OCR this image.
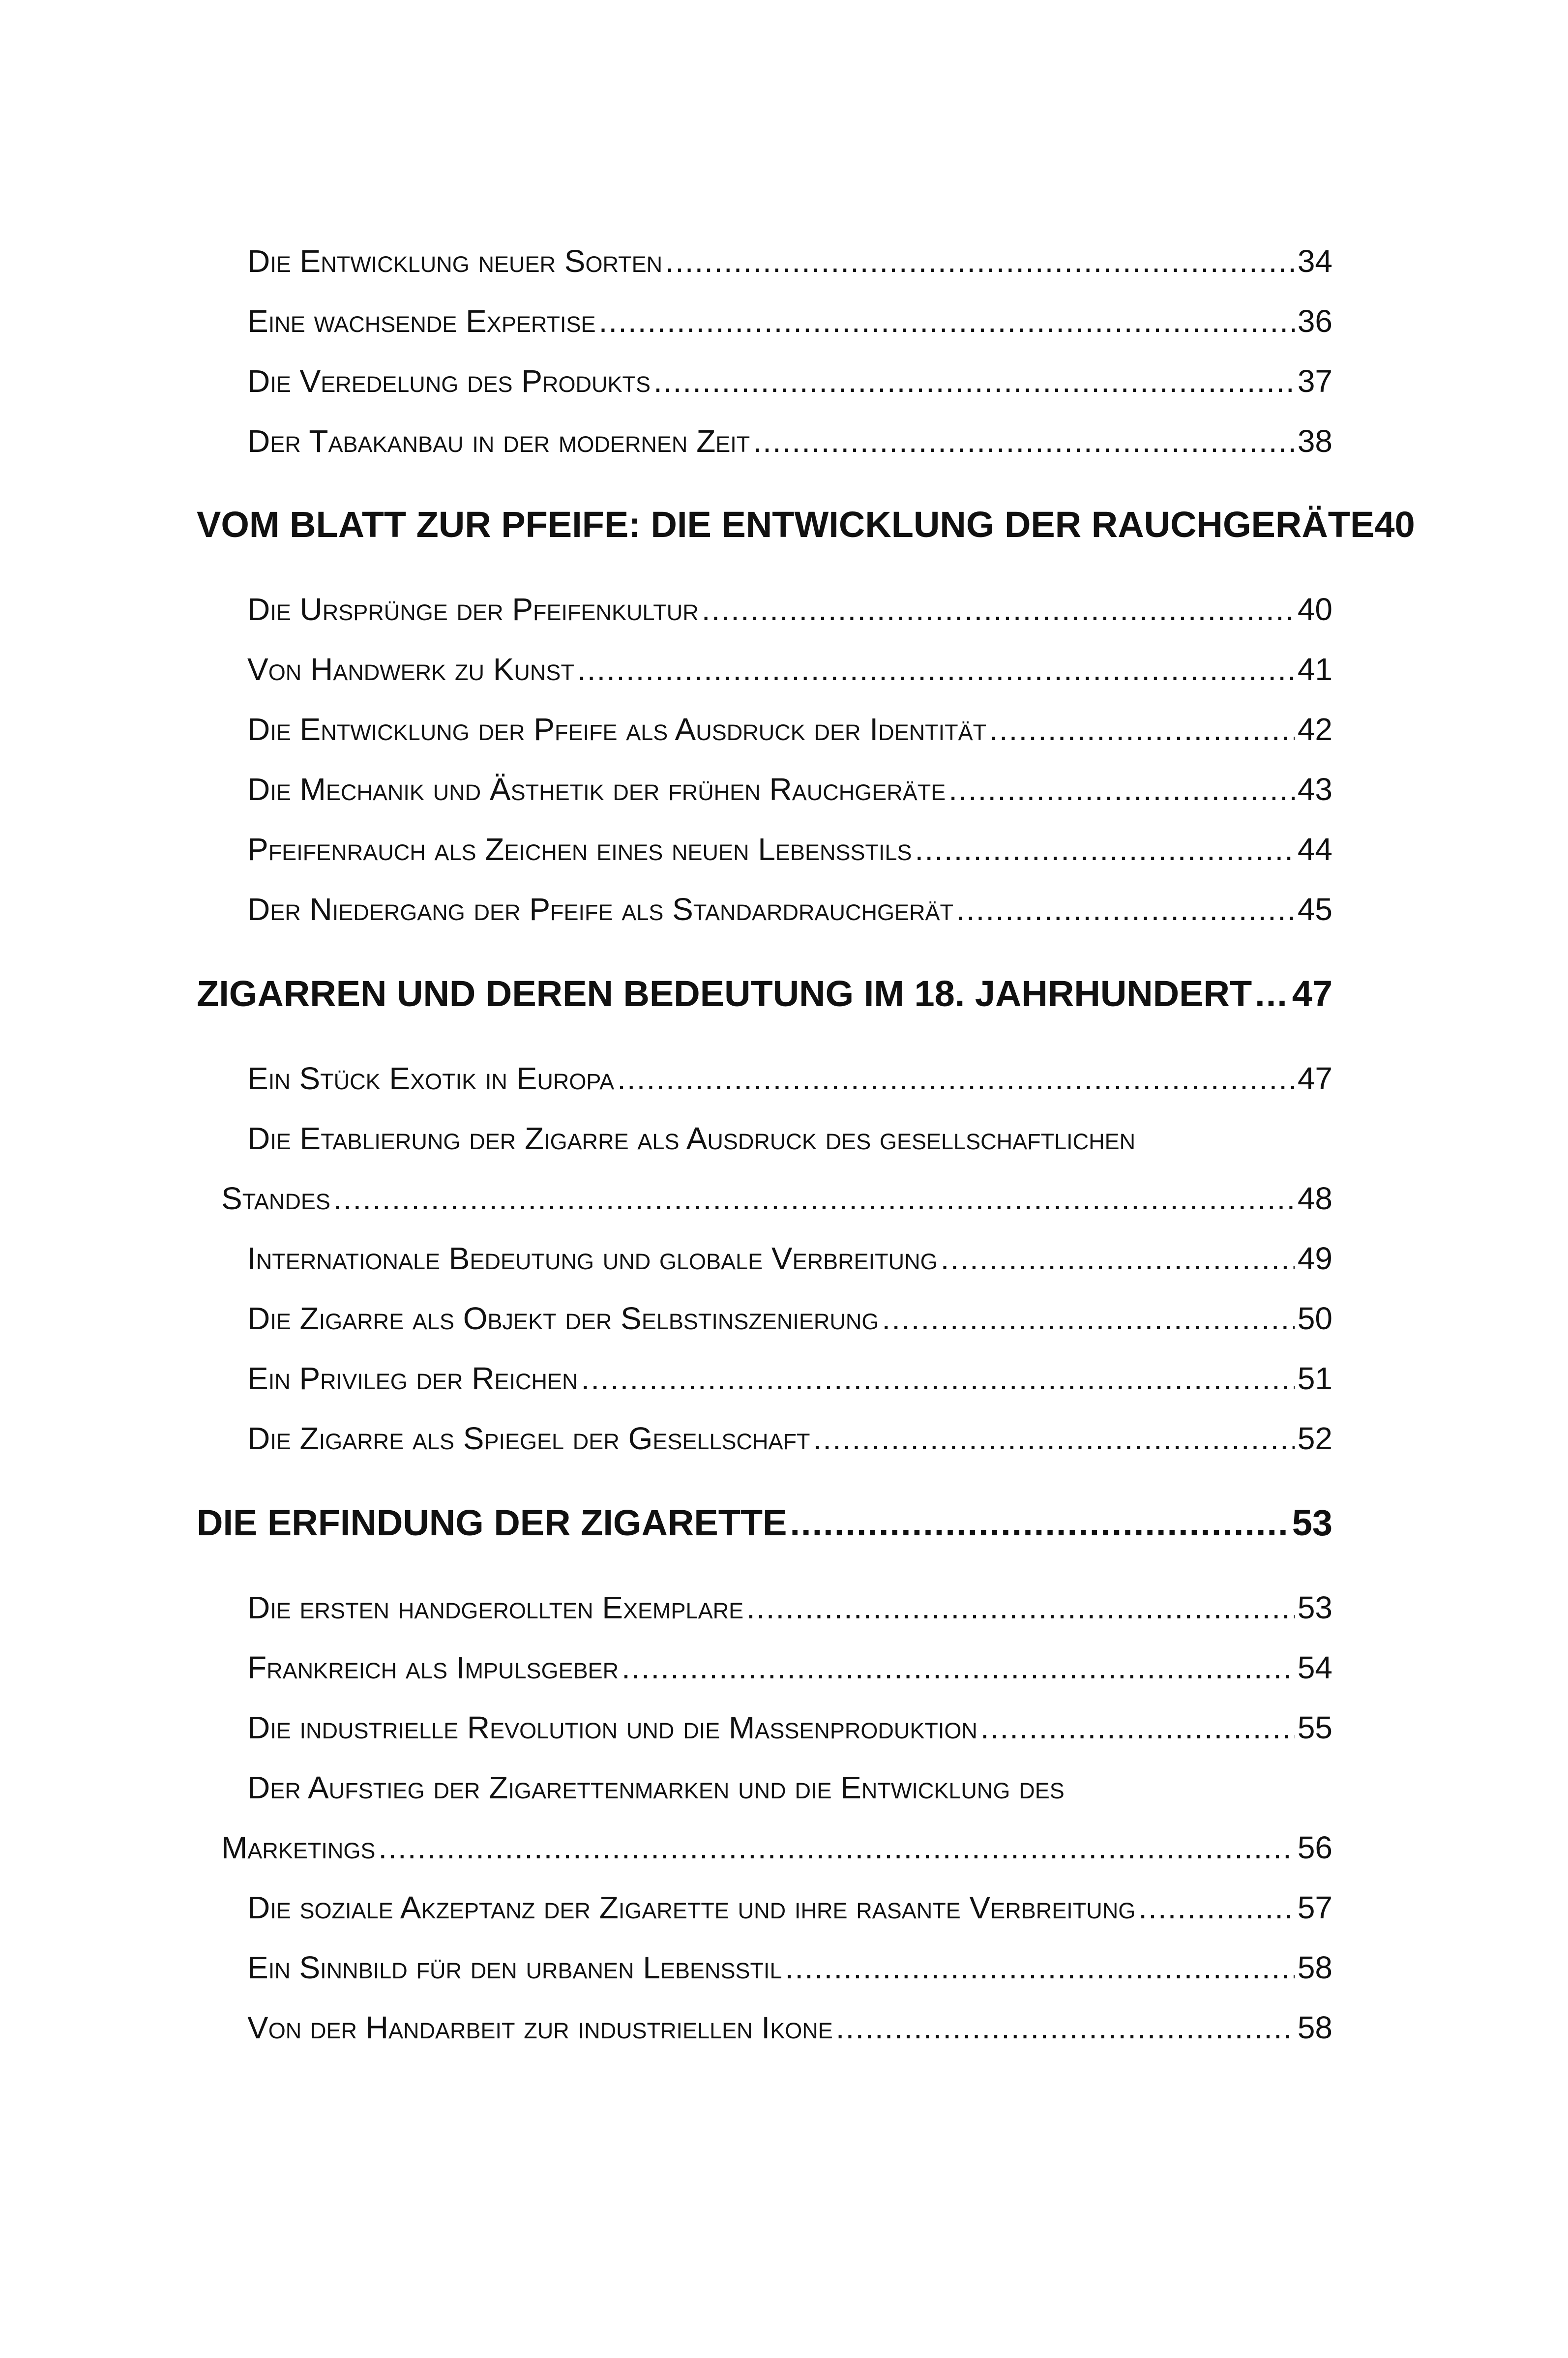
Die Entwicklung neuer Sorten .....	34
Eine wachsende Expertise .....	36
Die Veredelung des Produkts .....	37
Der Tabakanbau in der modernen Zeit .....	38
VOM BLATT ZUR PFEIFE: DIE ENTWICKLUNG DER RAUCHGERÄTE 40
Die Ursprünge der Pfeifenkultur .....	40
Von Handwerk zu Kunst .....	41
Die Entwicklung der Pfeife als Ausdruck der Identität .....	42
Die Mechanik und Ästhetik der frühen Rauchgeräte .....	43
Pfeifenrauch als Zeichen eines neuen Lebensstils .....	44
Der Niedergang der Pfeife als Standardrauchgerät .....	45
ZIGARREN UND DEREN BEDEUTUNG IM 18. JAHRHUNDERT ..... 47
Ein Stück Exotik in Europa .....	47
Die Etablierung der Zigarre als Ausdruck des gesellschaftlichen
Standes .....	48
Internationale Bedeutung und globale Verbreitung .....	49
Die Zigarre als Objekt der Selbstinszenierung .....	50
Ein Privileg der Reichen .....	51
Die Zigarre als Spiegel der Gesellschaft .....	52
DIE ERFINDUNG DER ZIGARETTE .....	53
Die ersten handgerollten Exemplare .....	53
Frankreich als Impulsgeber .....	54
Die industrielle Revolution und die Massenproduktion .....	55
Der Aufstieg der Zigarettenmarken und die Entwicklung des
Marketings .....	56
Die soziale Akzeptanz der Zigarette und ihre rasante Verbreitung .....	57
Ein Sinnbild für den urbanen Lebensstil .....	58
Von der Handarbeit zur industriellen Ikone .....	58
